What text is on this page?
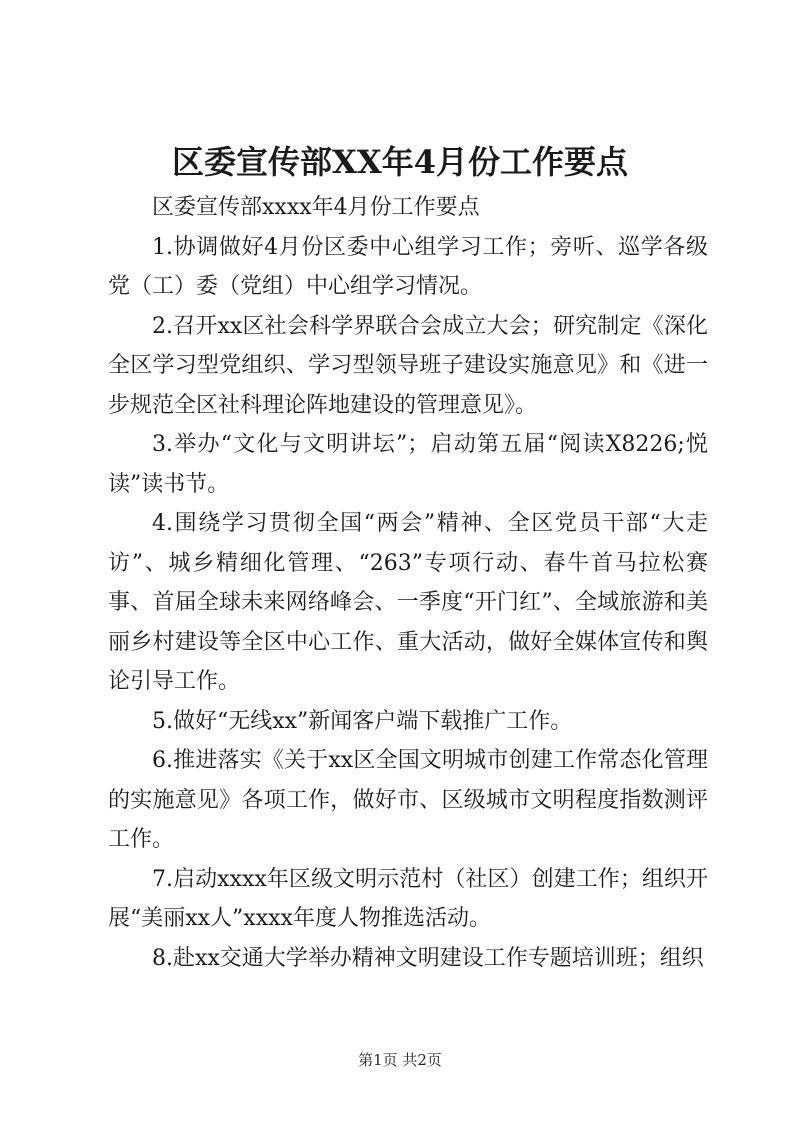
区委宣传部XX年4月份工作要点

区委宣传部xxxx年4月份工作要点

1.协调做好4月份区委中心组学习工作；旁听、巡学各级党（工）委（党组）中心组学习情况。

2.召开xx区社会科学界联合会成立大会；研究制定《深化全区学习型党组织、学习型领导班子建设实施意见》和《进一步规范全区社科理论阵地建设的管理意见》。

3.举办“文化与文明讲坛”；启动第五届“阅读X8226;悦读”读书节。

4.围绕学习贯彻全国“两会”精神、全区党员干部“大走访”、城乡精细化管理、“263”专项行动、春牛首马拉松赛事、首届全球未来网络峰会、一季度“开门红”、全域旅游和美丽乡村建设等全区中心工作、重大活动，做好全媒体宣传和舆论引导工作。

5.做好“无线xx”新闻客户端下载推广工作。

6.推进落实《关于xx区全国文明城市创建工作常态化管理的实施意见》各项工作，做好市、区级城市文明程度指数测评工作。

7.启动xxxx年区级文明示范村（社区）创建工作；组织开展“美丽xx人”xxxx年度人物推选活动。

8.赴xx交通大学举办精神文明建设工作专题培训班；组织

第1页 共2页
